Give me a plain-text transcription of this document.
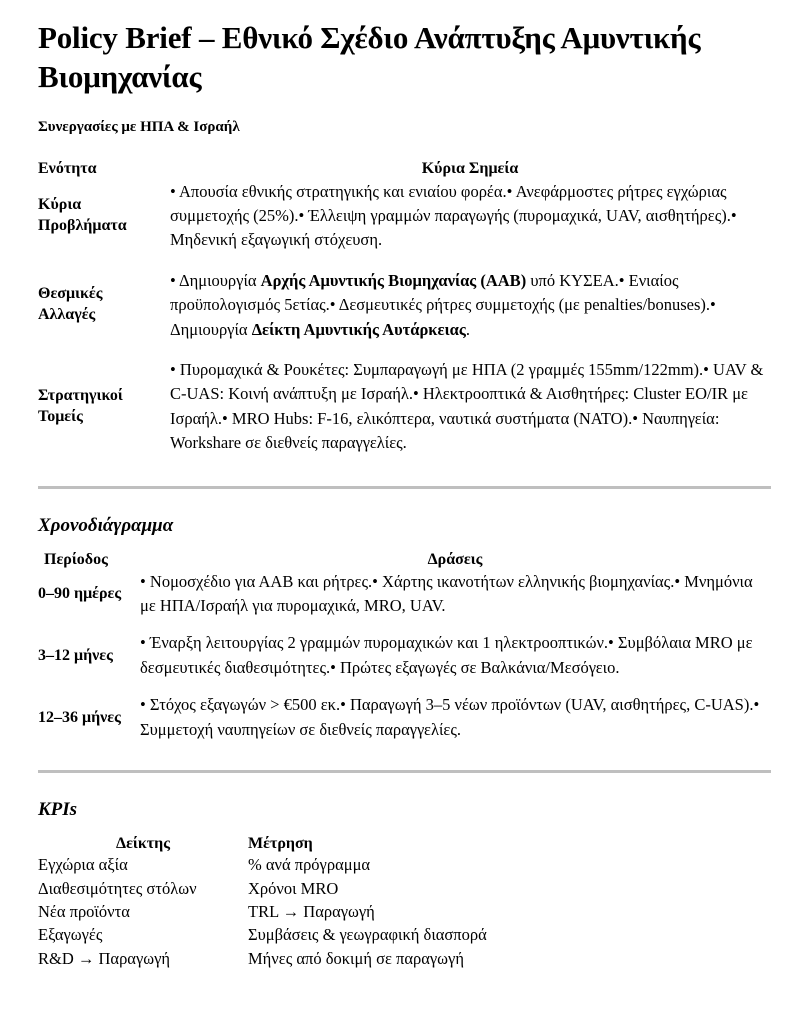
Policy Brief – Εθνικό Σχέδιο Ανάπτυξης Αμυντικής Βιομηχανίας
Συνεργασίες με ΗΠΑ & Ισραήλ
Ενότητα	Κύρια Σημεία
Κύρια Προβλήματα	• Απουσία εθνικής στρατηγικής και ενιαίου φορέα.• Ανεφάρμοστες ρήτρες εγχώριας συμμετοχής (25%).• Έλλειψη γραμμών παραγωγής (πυρομαχικά, UAV, αισθητήρες).• Μηδενική εξαγωγική στόχευση.
Θεσμικές Αλλαγές	• Δημιουργία Αρχής Αμυντικής Βιομηχανίας (ΑΑΒ) υπό ΚΥΣΕΑ.• Ενιαίος προϋπολογισμός 5ετίας.• Δεσμευτικές ρήτρες συμμετοχής (με penalties/bonuses).• Δημιουργία Δείκτη Αμυντικής Αυτάρκειας.
Στρατηγικοί Τομείς	• Πυρομαχικά & Ρουκέτες: Συμπαραγωγή με ΗΠΑ (2 γραμμές 155mm/122mm).• UAV & C-UAS: Κοινή ανάπτυξη με Ισραήλ.• Ηλεκτροοπτικά & Αισθητήρες: Cluster EO/IR με Ισραήλ.• MRO Hubs: F-16, ελικόπτερα, ναυτικά συστήματα (NATO).• Ναυπηγεία: Workshare σε διεθνείς παραγγελίες.
Χρονοδιάγραμμα
Περίοδος	Δράσεις
0–90 ημέρες	• Νομοσχέδιο για ΑΑΒ και ρήτρες.• Χάρτης ικανοτήτων ελληνικής βιομηχανίας.• Μνημόνια με ΗΠΑ/Ισραήλ για πυρομαχικά, MRO, UAV.
3–12 μήνες	• Έναρξη λειτουργίας 2 γραμμών πυρομαχικών και 1 ηλεκτροοπτικών.• Συμβόλαια MRO με δεσμευτικές διαθεσιμότητες.• Πρώτες εξαγωγές σε Βαλκάνια/Μεσόγειο.
12–36 μήνες	• Στόχος εξαγωγών > €500 εκ.• Παραγωγή 3–5 νέων προϊόντων (UAV, αισθητήρες, C-UAS).• Συμμετοχή ναυπηγείων σε διεθνείς παραγγελίες.
KPIs
Δείκτης	Μέτρηση
Εγχώρια αξία	% ανά πρόγραμμα
Διαθεσιμότητες στόλων	Χρόνοι MRO
Νέα προϊόντα	TRL → Παραγωγή
Εξαγωγές	Συμβάσεις & γεωγραφική διασπορά
R&D → Παραγωγή	Μήνες από δοκιμή σε παραγωγή
